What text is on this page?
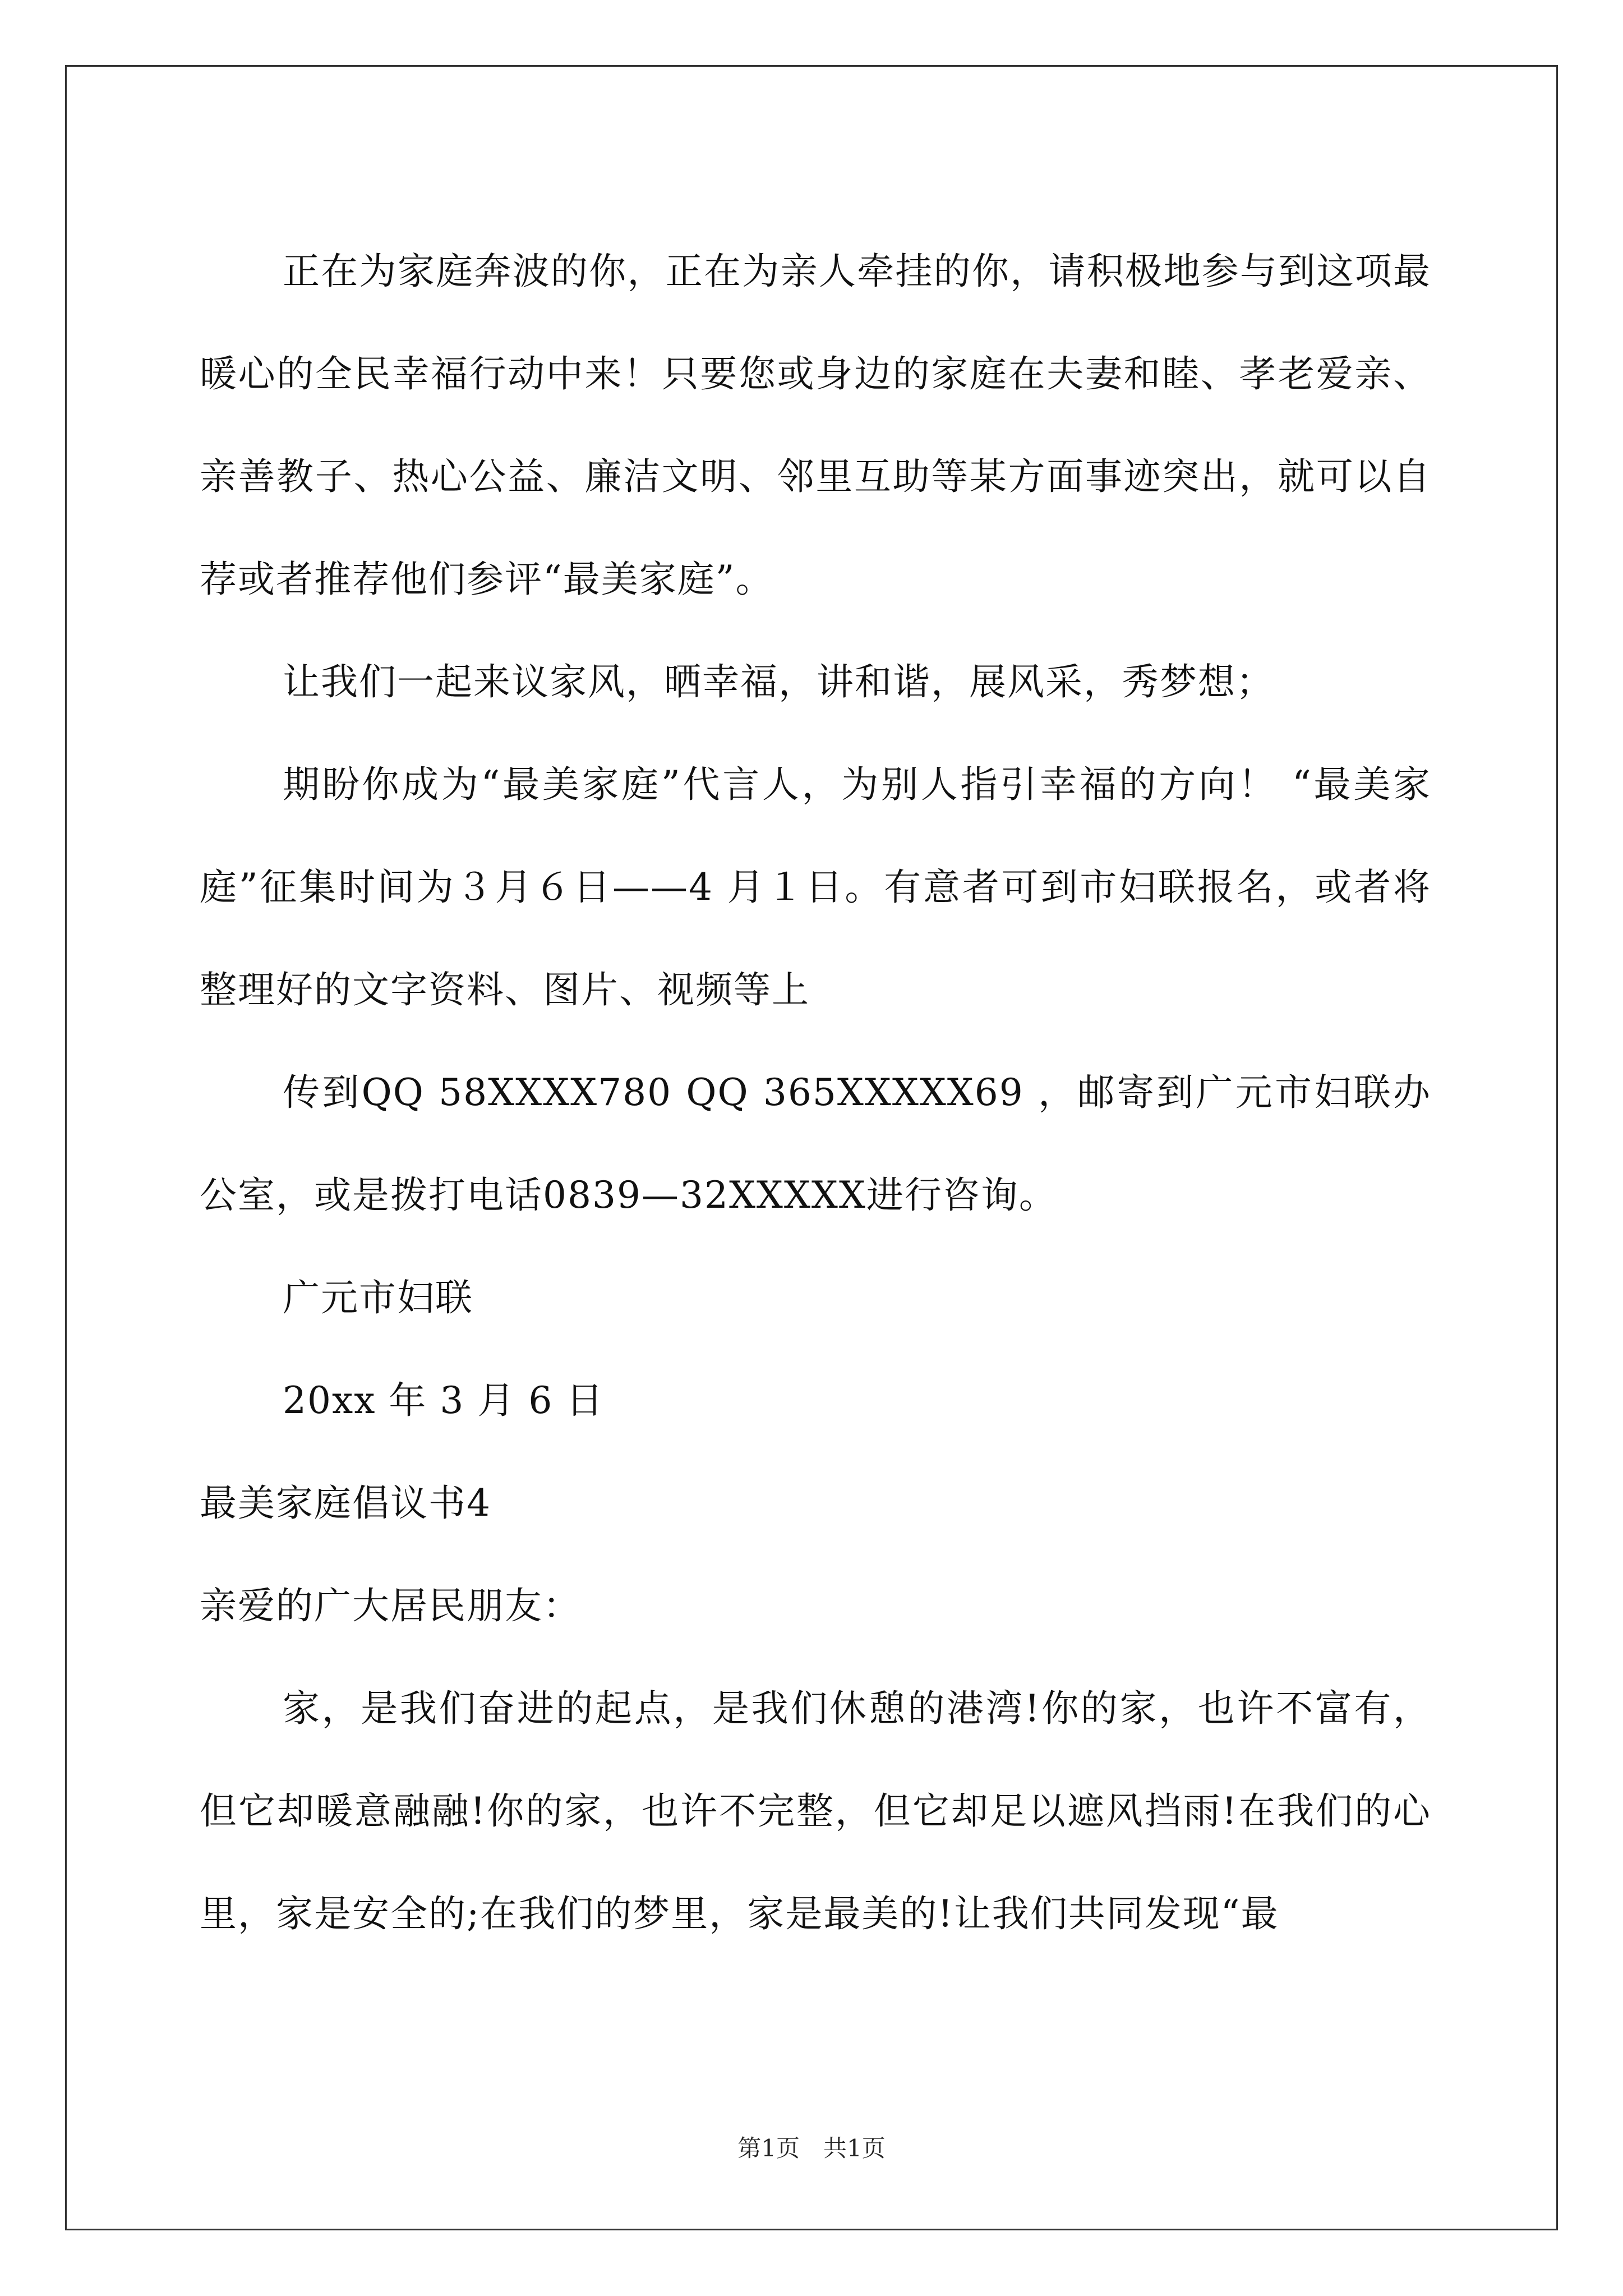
正在为家庭奔波的你，正在为亲人牵挂的你，请积极地参与到这项最暖心的全民幸福行动中来！只要您或身边的家庭在夫妻和睦、孝老爱亲、亲善教子、热心公益、廉洁文明、邻里互助等某方面事迹突出，就可以自荐或者推荐他们参评“最美家庭”。

让我们一起来议家风，晒幸福，讲和谐，展风采，秀梦想；

期盼你成为“最美家庭”代言人，为别人指引幸福的方向！ “最美家庭”征集时间为３月６日——4 月１日。有意者可到市妇联报名，或者将整理好的文字资料、图片、视频等上

传到QQ 58XXXX780 QQ 365XXXXX69 ，邮寄到广元市妇联办公室，或是拨打电话0839—32XXXXX进行咨询。

广元市妇联

20xx 年 3 月 6 日

最美家庭倡议书4

亲爱的广大居民朋友：

家，是我们奋进的起点，是我们休憩的港湾!你的家，也许不富有，但它却暖意融融!你的家，也许不完整，但它却足以遮风挡雨!在我们的心里，家是安全的;在我们的梦里，家是最美的!让我们共同发现“最

第1页　共1页
